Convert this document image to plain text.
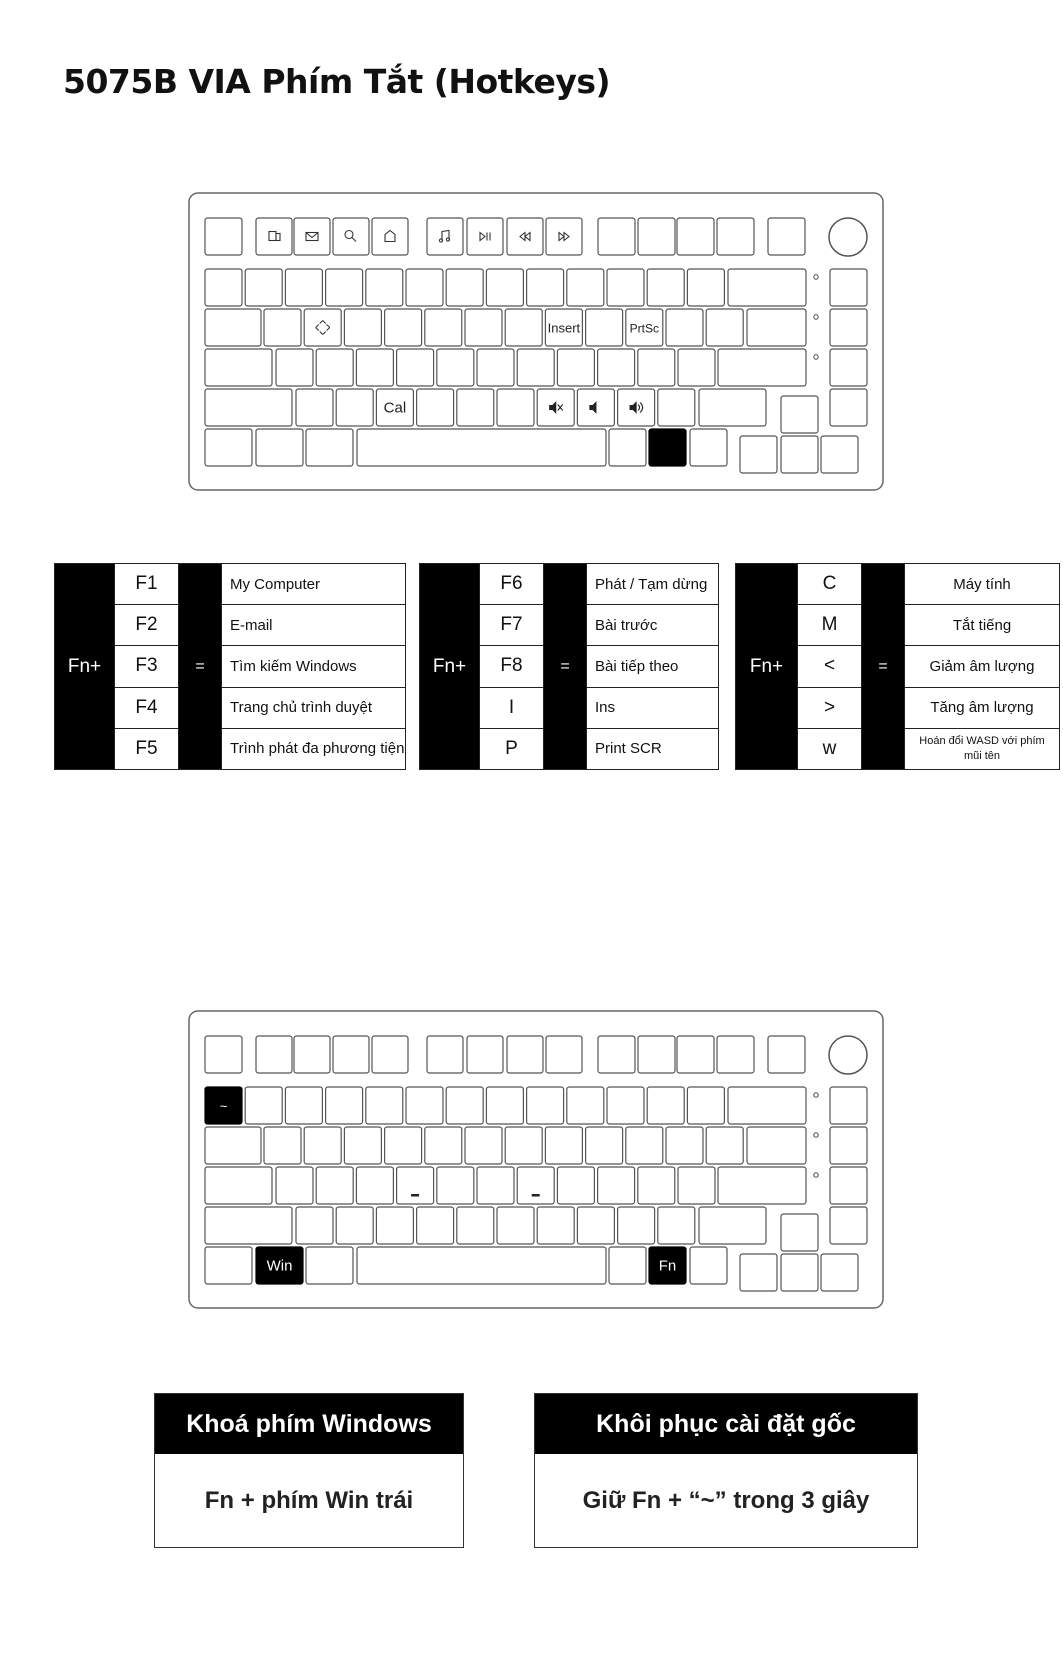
5075B VIA Phím Tắt (Hotkeys)
Insert	PrtSc
Cal
Fn+	F1	=	My Computer
	F2		E-mail
	F3		Tìm kiếm Windows
	F4		Trang chủ trình duyệt
	F5		Trình phát đa phương tiện
Fn+	F6	=	Phát / Tạm dừng
	F7		Bài trước
	F8		Bài tiếp theo
	I		Ins
	P		Print SCR
Fn+	C	=	Máy tính
	M		Tắt tiếng
	<		Giảm âm lượng
	>		Tăng âm lượng
	w		Hoán đổi WASD với phím mũi tên
~
Win	Fn
Khoá phím Windows
Fn + phím Win trái
Khôi phục cài đặt gốc
Giữ Fn + “~” trong 3 giây
